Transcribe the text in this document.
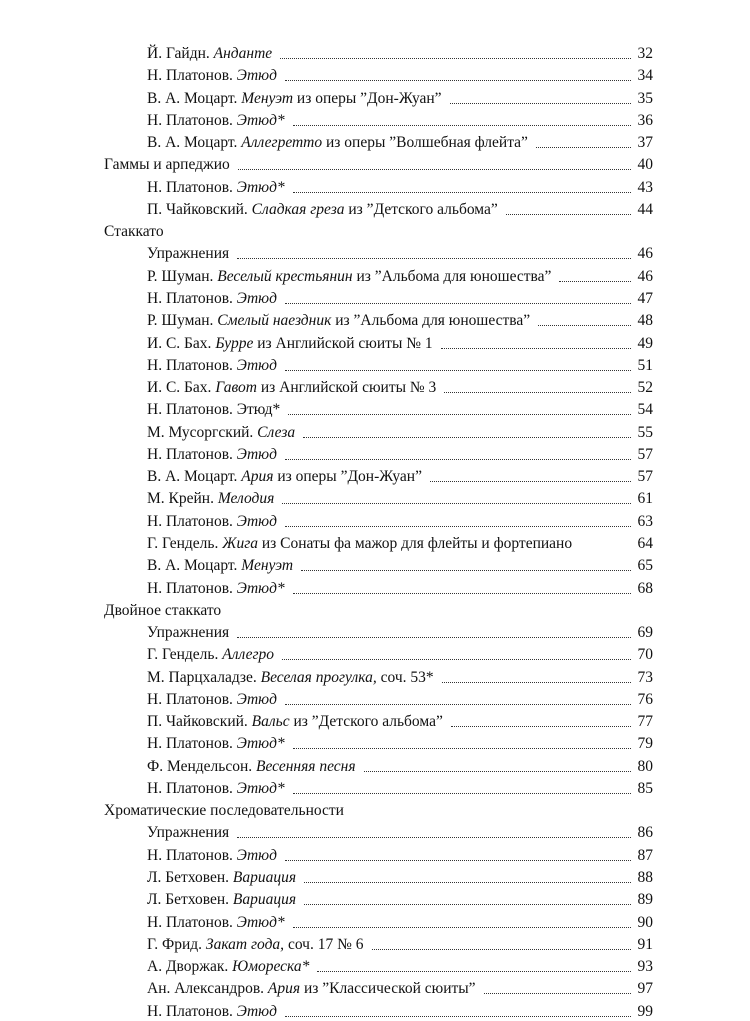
Й. Гайдн. Анданте	32
Н. Платонов. Этюд	34
В. А. Моцарт. Менуэт из оперы ”Дон-Жуан”	35
Н. Платонов. Этюд*	36
В. А. Моцарт. Аллегретто из оперы ”Волшебная флейта”	37
Гаммы и арпеджио	40
Н. Платонов. Этюд*	43
П. Чайковский. Сладкая греза из ”Детского альбома”	44
Стаккато
Упражнения	46
Р. Шуман. Веселый крестьянин из ”Альбома для юношества”	46
Н. Платонов. Этюд	47
Р. Шуман. Смелый наездник из ”Альбома для юношества”	48
И. С. Бах. Бурре из Английской сюиты № 1	49
Н. Платонов. Этюд	51
И. С. Бах. Гавот из Английской сюиты № 3	52
Н. Платонов. Этюд*	54
М. Мусоргский. Слеза	55
Н. Платонов. Этюд	57
В. А. Моцарт. Ария из оперы ”Дон-Жуан”	57
М. Крейн. Мелодия	61
Н. Платонов. Этюд	63
Г. Гендель. Жига из Сонаты фа мажор для флейты и фортепиано	64
В. А. Моцарт. Менуэт	65
Н. Платонов. Этюд*	68
Двойное стаккато
Упражнения	69
Г. Гендель. Аллегро	70
М. Парцхаладзе. Веселая прогулка, соч. 53*	73
Н. Платонов. Этюд	76
П. Чайковский. Вальс из ”Детского альбома”	77
Н. Платонов. Этюд*	79
Ф. Мендельсон. Весенняя песня	80
Н. Платонов. Этюд*	85
Хроматические последовательности
Упражнения	86
Н. Платонов. Этюд	87
Л. Бетховен. Вариация	88
Л. Бетховен. Вариация	89
Н. Платонов. Этюд*	90
Г. Фрид. Закат года, соч. 17 № 6	91
А. Дворжак. Юмореска*	93
Ан. Александров. Ария из ”Классической сюиты”	97
Н. Платонов. Этюд	99
